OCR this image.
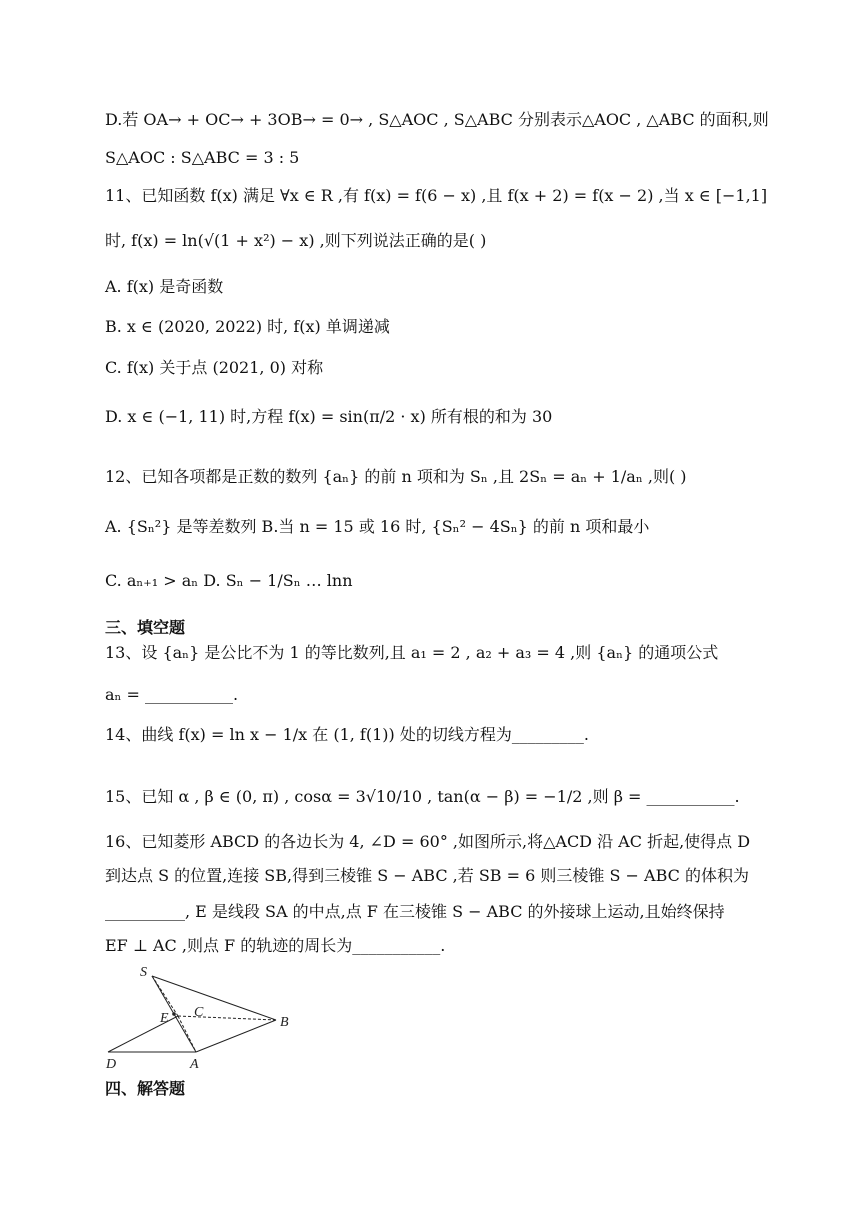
D.若 OA→ + OC→ + 3OB→ = 0→ , S△AOC , S△ABC 分别表示△AOC , △ABC 的面积,则
S△AOC : S△ABC = 3 : 5
11、已知函数 f(x) 满足 ∀x ∈ R ,有 f(x) = f(6 − x) ,且 f(x + 2) = f(x − 2) ,当 x ∈ [−1,1]
时, f(x) = ln(√(1 + x²) − x) ,则下列说法正确的是( )
A. f(x) 是奇函数
B. x ∈ (2020, 2022) 时, f(x) 单调递减
C. f(x) 关于点 (2021, 0) 对称
D. x ∈ (−1, 11) 时,方程 f(x) = sin(π/2 · x) 所有根的和为 30
12、已知各项都是正数的数列 {aₙ} 的前 n 项和为 Sₙ ,且 2Sₙ = aₙ + 1/aₙ ,则( )
A. {Sₙ²} 是等差数列 B.当 n = 15 或 16 时, {Sₙ² − 4Sₙ} 的前 n 项和最小
C. aₙ₊₁ > aₙ D. Sₙ − 1/Sₙ … lnn
三、填空题
13、设 {aₙ} 是公比不为 1 的等比数列,且 a₁ = 2 , a₂ + a₃ = 4 ,则 {aₙ} 的通项公式
aₙ = ___________.
14、曲线 f(x) = ln x − 1/x 在 (1, f(1)) 处的切线方程为_________.
15、已知 α , β ∈ (0, π) , cosα = 3√10/10 , tan(α − β) = −1/2 ,则 β = ___________.
16、已知菱形 ABCD 的各边长为 4, ∠D = 60° ,如图所示,将△ACD 沿 AC 折起,使得点 D
到达点 S 的位置,连接 SB,得到三棱锥 S − ABC ,若 SB = 6 则三棱锥 S − ABC 的体积为
__________, E 是线段 SA 的中点,点 F 在三棱锥 S − ABC 的外接球上运动,且始终保持
EF ⊥ AC ,则点 F 的轨迹的周长为___________.
S
E C
B
D	A
四、解答题
